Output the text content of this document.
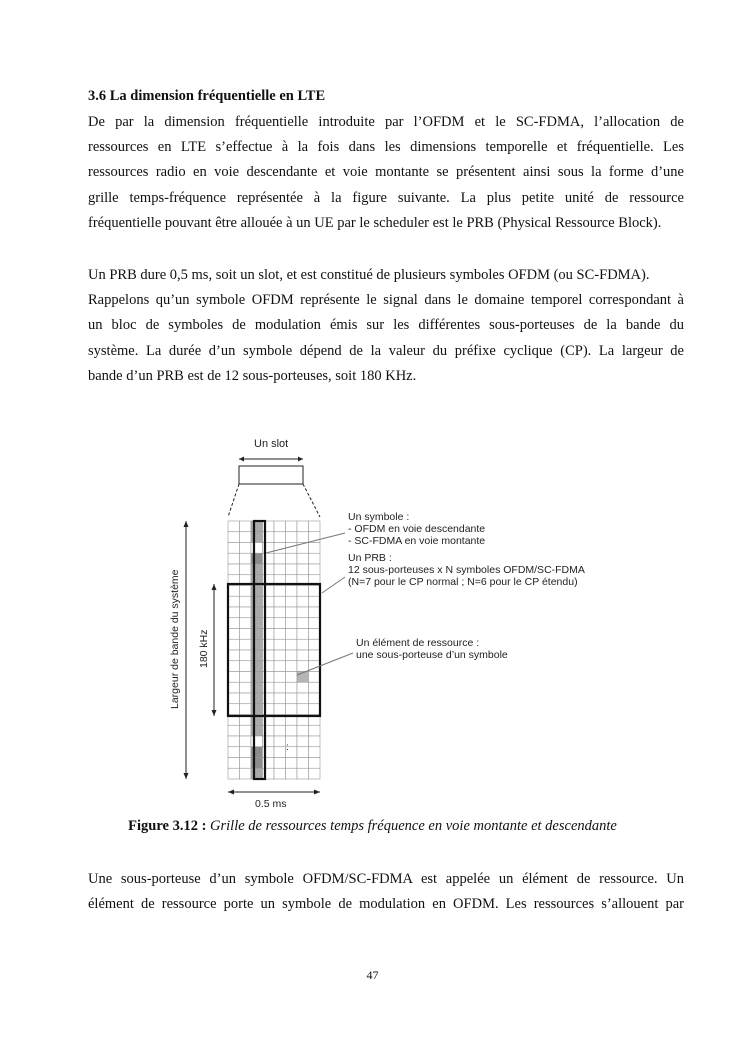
3.6 La dimension fréquentielle en LTE
De par la dimension fréquentielle introduite par l’OFDM et le SC-FDMA, l’allocation de
ressources en LTE s’effectue à la fois dans les dimensions temporelle et fréquentielle. Les
ressources radio en voie descendante et voie montante se présentent ainsi sous la forme d’une
grille temps-fréquence représentée à la figure suivante. La plus petite unité de ressource
fréquentielle pouvant être allouée à un UE par le scheduler est le PRB (Physical Ressource Block).
Un PRB dure 0,5 ms, soit un slot, et est constitué de plusieurs symboles OFDM (ou SC-FDMA).
Rappelons qu’un symbole OFDM représente le signal dans le domaine temporel correspondant à
un bloc de symboles de modulation émis sur les différentes sous-porteuses de la bande du
système. La durée d’un symbole dépend de la valeur du préfixe cyclique (CP). La largeur de
bande d’un PRB est de 12 sous-porteuses, soit 180 KHz.
Un slot
Largeur de bande du système 180 kHz
0.5 ms
:
Un symbole :
- OFDM en voie descendante
- SC-FDMA en voie montante
Un PRB :
12 sous-porteuses x N symboles OFDM/SC-FDMA
(N=7 pour le CP normal ; N=6 pour le CP étendu)
Un élément de ressource :
une sous-porteuse d’un symbole
Figure 3.12 : Grille de ressources temps fréquence en voie montante et descendante
Une sous-porteuse d’un symbole OFDM/SC-FDMA est appelée un élément de ressource. Un
élément de ressource porte un symbole de modulation en OFDM. Les ressources s’allouent par
47
